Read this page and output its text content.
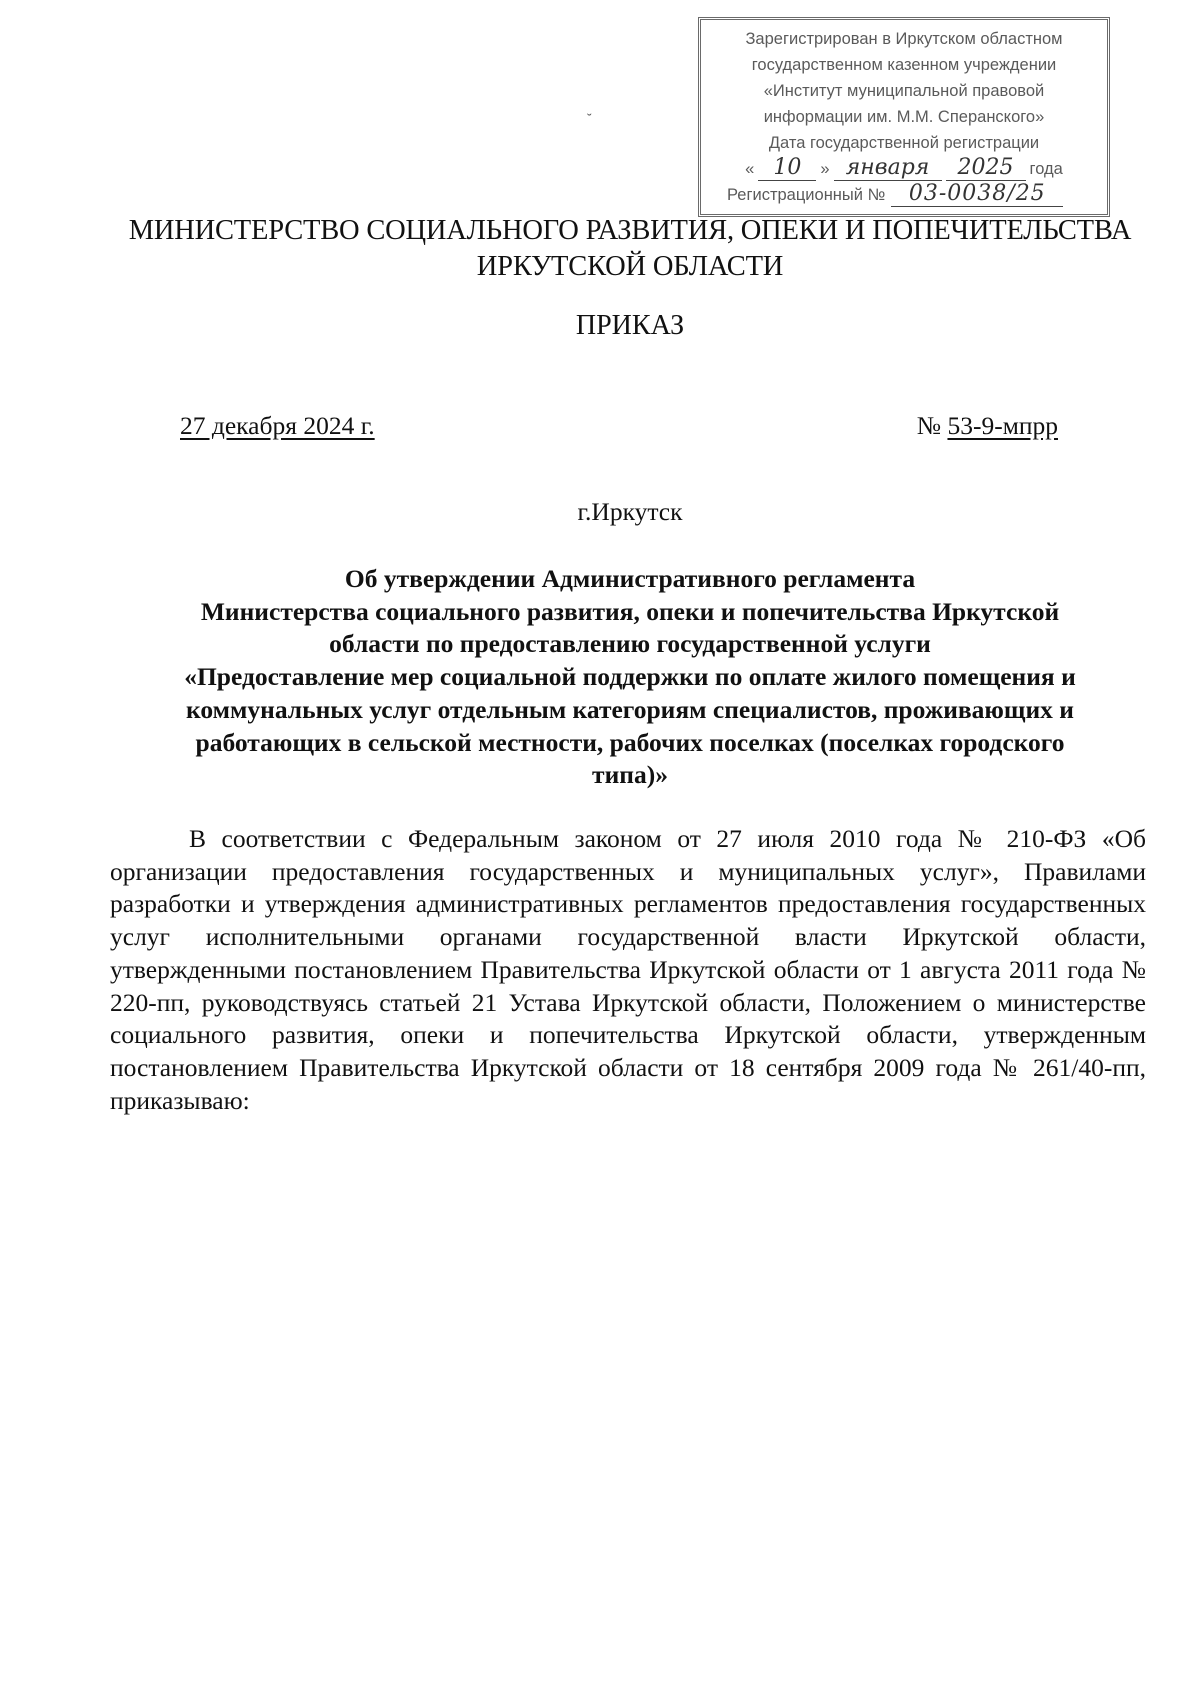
Зарегистрирован в Иркутском областном
государственном казенном учреждении
«Институт муниципальной правовой
информации им. М.М. Сперанского»
Дата государственной регистрации
« 10	» января	2025 года
Регистрационный №	03-0038/25
˘
МИНИСТЕРСТВО СОЦИАЛЬНОГО РАЗВИТИЯ, ОПЕКИ И ПОПЕЧИТЕЛЬСТВА
ИРКУТСКОЙ ОБЛАСТИ
ПРИКАЗ
27 декабря 2024 г.	№ 53-9-мпрр
г.Иркутск
Об утверждении Административного регламента
Министерства социального развития, опеки и попечительства Иркутской
области по предоставлению государственной услуги
«Предоставление мер социальной поддержки по оплате жилого помещения и
коммунальных услуг отдельным категориям специалистов, проживающих и
работающих в сельской местности, рабочих поселках (поселках городского
типа)»

В соответствии с Федеральным законом от 27 июля 2010 года № 210-ФЗ «Об организации предоставления государственных и муниципальных услуг», Правилами разработки и утверждения административных регламентов предоставления государственных услуг исполнительными органами государственной власти Иркутской области, утвержденными постановлением Правительства Иркутской области от 1 августа 2011 года № 220-пп, руководствуясь статьей 21 Устава Иркутской области, Положением о министерстве социального развития, опеки и попечительства Иркутской области, утвержденным постановлением Правительства Иркутской области от 18 сентября 2009 года № 261/40-пп, приказываю:
